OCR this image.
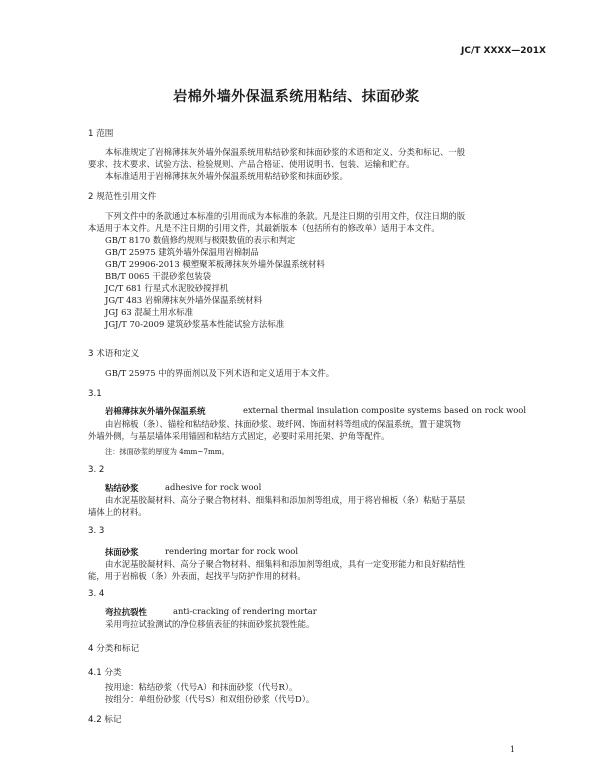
JC/T XXXX—201X
岩棉外墙外保温系统用粘结、抹面砂浆
1 范围
本标准规定了岩棉薄抹灰外墙外保温系统用粘结砂浆和抹面砂浆的术语和定义、分类和标记、一般
要求、技术要求、试验方法、检验规则、产品合格证、使用说明书、包装、运输和贮存。
本标准适用于岩棉薄抹灰外墙外保温系统用粘结砂浆和抹面砂浆。
2 规范性引用文件
下列文件中的条款通过本标准的引用而成为本标准的条款。凡是注日期的引用文件，仅注日期的版
本适用于本文件。凡是不注日期的引用文件，其最新版本（包括所有的修改单）适用于本文件。
GB/T 8170 数值修约规则与极限数值的表示和判定
GB/T 25975 建筑外墙外保温用岩棉制品
GB/T 29906-2013 模塑聚苯板薄抹灰外墙外保温系统材料
BB/T 0065 干混砂浆包装袋
JC/T 681 行星式水泥胶砂搅拌机
JG/T 483 岩棉薄抹灰外墙外保温系统材料
JGJ 63 混凝土用水标准
JGJ/T 70-2009 建筑砂浆基本性能试验方法标准
3 术语和定义
GB/T 25975 中的界面剂以及下列术语和定义适用于本文件。
3.1
岩棉薄抹灰外墙外保温系统	external thermal insulation composite systems based on rock wool
由岩棉板（条）、锚栓和粘结砂浆、抹面砂浆、玻纤网、饰面材料等组成的保温系统，置于建筑物
外墙外侧，与基层墙体采用锚固和粘结方式固定，必要时采用托架、护角等配件。
注：抹面砂浆的厚度为 4mm~7mm。
3. 2
粘结砂浆	adhesive for rock wool
由水泥基胶凝材料、高分子聚合物材料、细集料和添加剂等组成，用于将岩棉板（条）粘贴于基层
墙体上的材料。
3. 3
抹面砂浆	rendering mortar for rock wool
由水泥基胶凝材料、高分子聚合物材料、细集料和添加剂等组成，具有一定变形能力和良好粘结性
能，用于岩棉板（条）外表面，起找平与防护作用的材料。
3. 4
弯拉抗裂性	anti-cracking of rendering mortar
采用弯拉试验测试的净位移值表征的抹面砂浆抗裂性能。
4 分类和标记
4.1 分类
按用途：粘结砂浆（代号A）和抹面砂浆（代号R）。
按组分：单组份砂浆（代号S）和双组份砂浆（代号D）。
4.2 标记
1
